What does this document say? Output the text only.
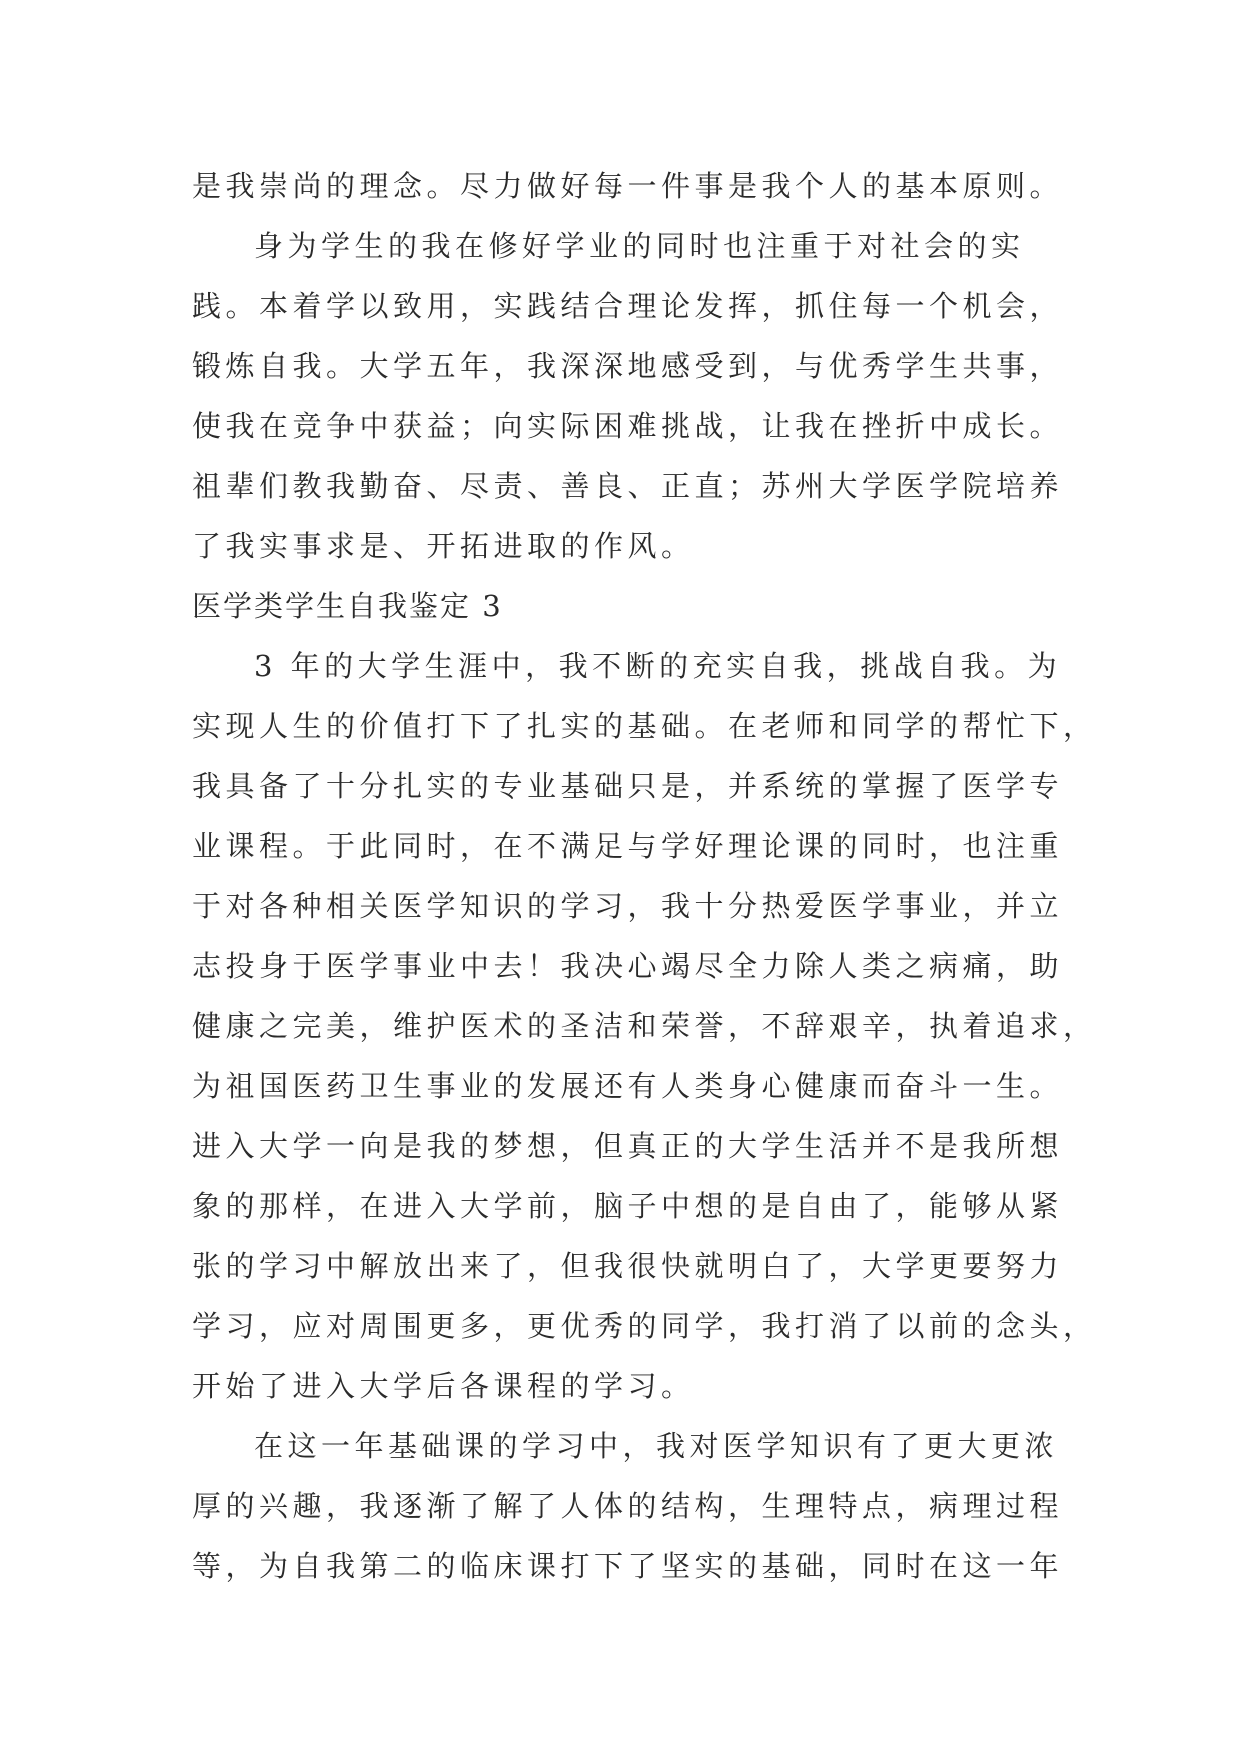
是我崇尚的理念。尽力做好每一件事是我个人的基本原则。
身为学生的我在修好学业的同时也注重于对社会的实
践。本着学以致用，实践结合理论发挥，抓住每一个机会，
锻炼自我。大学五年，我深深地感受到，与优秀学生共事，
使我在竞争中获益；向实际困难挑战，让我在挫折中成长。
祖辈们教我勤奋、尽责、善良、正直；苏州大学医学院培养
了我实事求是、开拓进取的作风。
医学类学生自我鉴定 3
3 年的大学生涯中，我不断的充实自我，挑战自我。为
实现人生的价值打下了扎实的基础。在老师和同学的帮忙下，
我具备了十分扎实的专业基础只是，并系统的掌握了医学专
业课程。于此同时，在不满足与学好理论课的同时，也注重
于对各种相关医学知识的学习，我十分热爱医学事业，并立
志投身于医学事业中去！我决心竭尽全力除人类之病痛，助
健康之完美，维护医术的圣洁和荣誉，不辞艰辛，执着追求，
为祖国医药卫生事业的发展还有人类身心健康而奋斗一生。
进入大学一向是我的梦想，但真正的大学生活并不是我所想
象的那样，在进入大学前，脑子中想的是自由了，能够从紧
张的学习中解放出来了，但我很快就明白了，大学更要努力
学习，应对周围更多，更优秀的同学，我打消了以前的念头，
开始了进入大学后各课程的学习。
在这一年基础课的学习中，我对医学知识有了更大更浓
厚的兴趣，我逐渐了解了人体的结构，生理特点，病理过程
等，为自我第二的临床课打下了坚实的基础，同时在这一年
